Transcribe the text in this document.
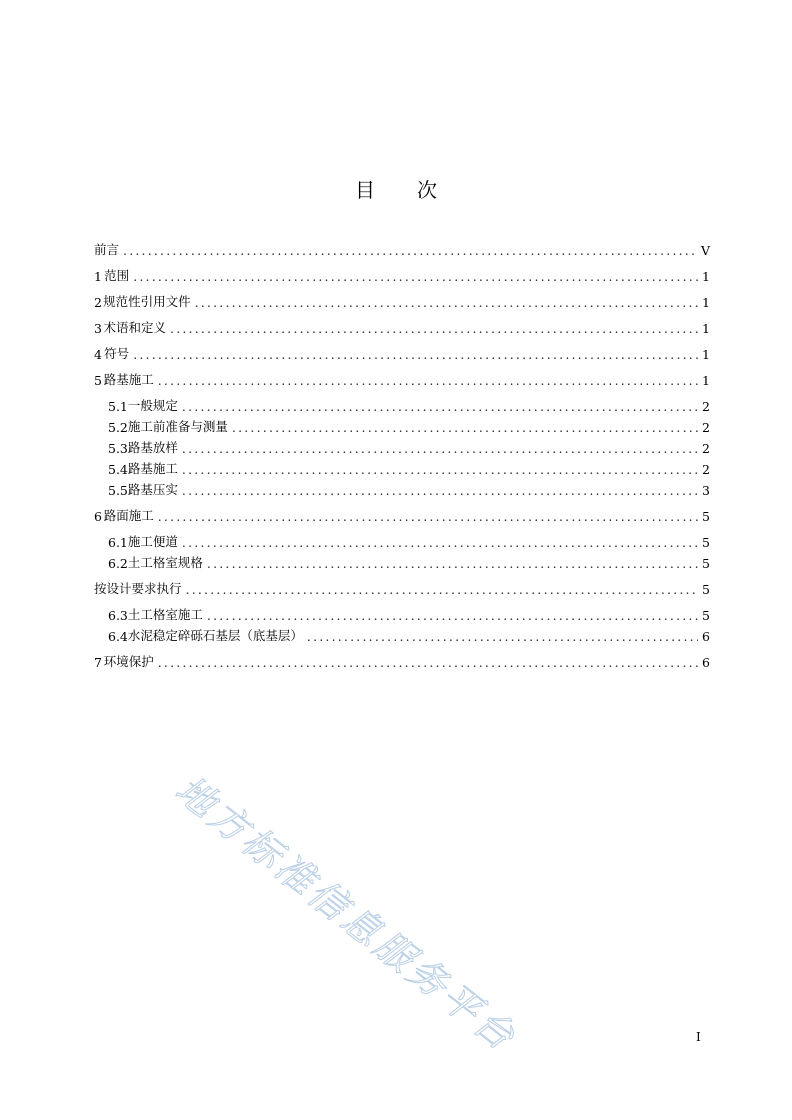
目 次
前言 .....	V
1 范围 .....	1
2 规范性引用文件 .....	1
3 术语和定义 .....	1
4 符号 .....	1
5 路基施工 .....	1
5.1 一般规定 .....	2
5.2 施工前准备与测量 .....	2
5.3 路基放样 .....	2
5.4 路基施工 .....	2
5.5 路基压实 .....	3
6 路面施工 .....	5
6.1 施工便道 .....	5
6.2 土工格室规格 .....	5
按设计要求执行 .....	5
6.3 土工格室施工 .....	5
6.4 水泥稳定碎砾石基层（底基层） .....	6
7 环境保护 .....	6
地方标准信息服务平台	I
